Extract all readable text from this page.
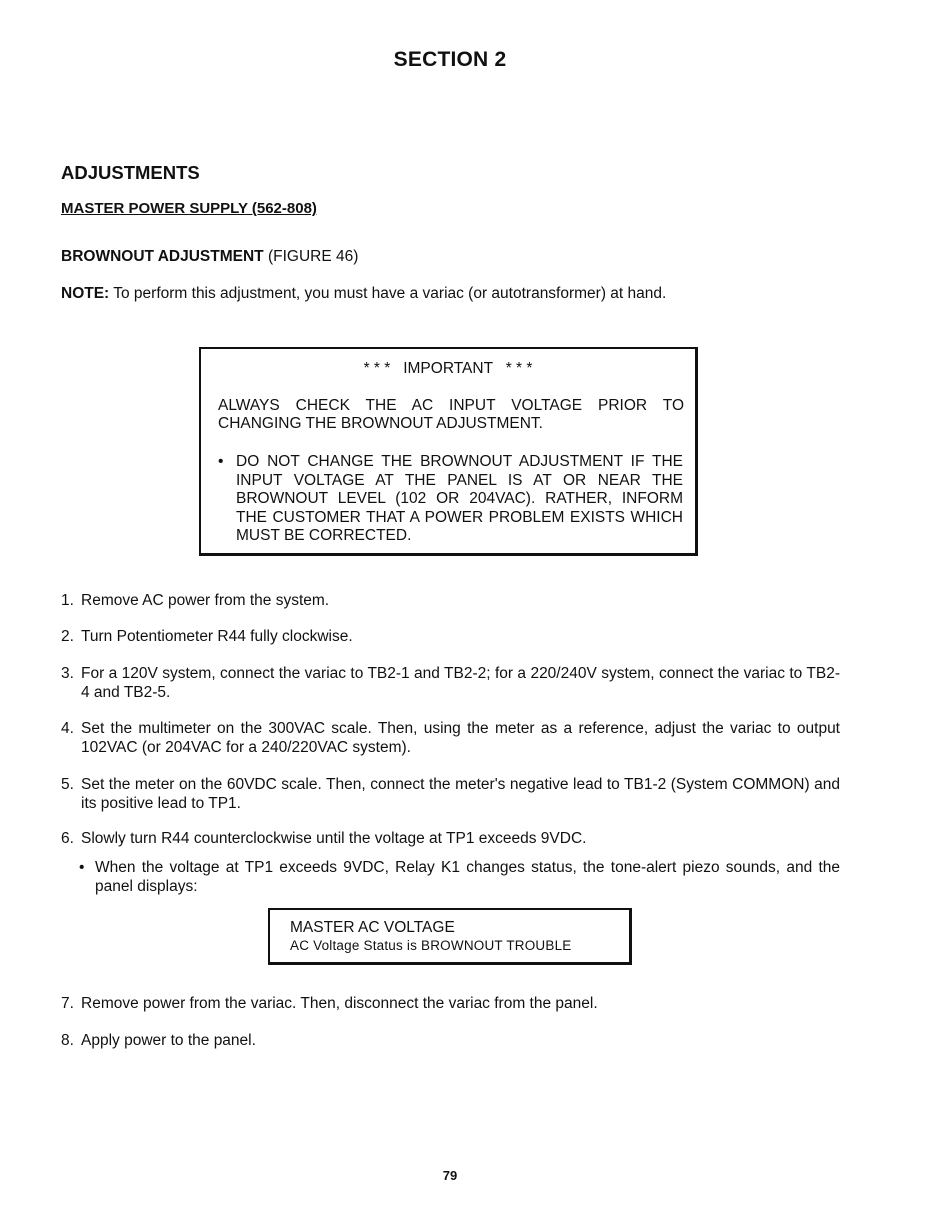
SECTION 2
ADJUSTMENTS
MASTER POWER SUPPLY (562-808)
BROWNOUT ADJUSTMENT (FIGURE 46)
NOTE: To perform this adjustment, you must have a variac (or autotransformer) at hand.
* * *   IMPORTANT   * * *
ALWAYS CHECK THE AC INPUT VOLTAGE PRIOR TO
CHANGING THE BROWNOUT ADJUSTMENT.
• DO NOT CHANGE THE BROWNOUT ADJUSTMENT IF THE INPUT VOLTAGE AT THE PANEL IS AT OR NEAR THE BROWNOUT LEVEL (102 OR 204VAC). RATHER, INFORM THE CUSTOMER THAT A POWER PROBLEM EXISTS WHICH MUST BE CORRECTED.
1. Remove AC power from the system.
2. Turn Potentiometer R44 fully clockwise.
3. For a 120V system, connect the variac to TB2-1 and TB2-2; for a 220/240V system, connect the variac to TB2-4 and TB2-5.
4. Set the multimeter on the 300VAC scale. Then, using the meter as a reference, adjust the variac to output 102VAC (or 204VAC for a 240/220VAC system).
5. Set the meter on the 60VDC scale. Then, connect the meter's negative lead to TB1-2 (System COMMON) and its positive lead to TP1.
6. Slowly turn R44 counterclockwise until the voltage at TP1 exceeds 9VDC.
• When the voltage at TP1 exceeds 9VDC, Relay K1 changes status, the tone-alert piezo sounds, and the panel displays:
MASTER AC VOLTAGE
AC Voltage Status is BROWNOUT TROUBLE
7. Remove power from the variac. Then, disconnect the variac from the panel.
8. Apply power to the panel.
79
